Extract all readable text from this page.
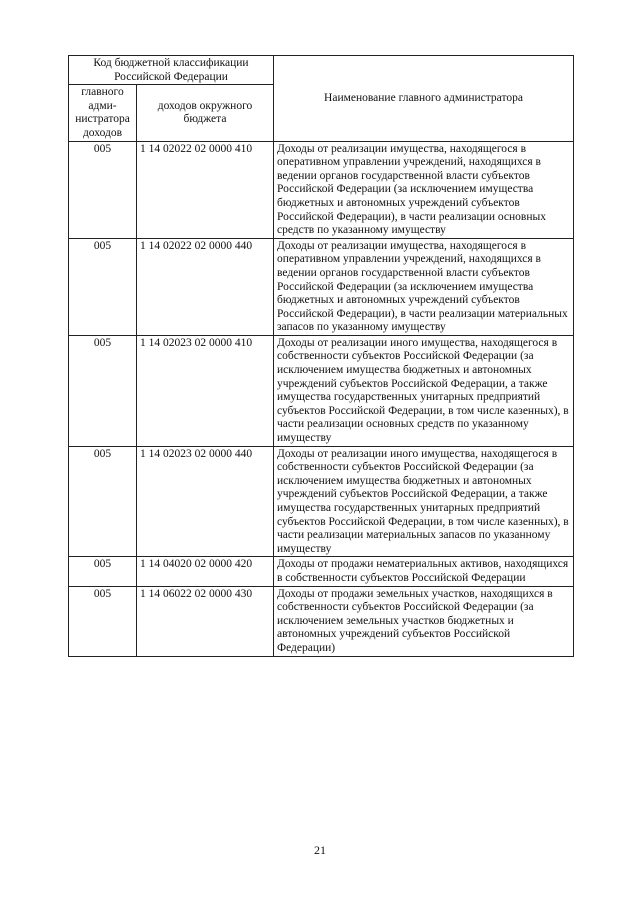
Код бюджетной классификации Российской Федерации		Наименование главного администратора
главного адми-нистратора доходов	доходов окружного бюджета	
005	1 14 02022 02 0000 410	Доходы от реализации имущества, находящегося в оперативном управлении учреждений, находящихся в ведении органов государственной власти субъектов Российской Федерации (за исключением имущества бюджетных и автономных учреждений субъектов Российской Федерации), в части реализации основных средств по указанному имуществу
005	1 14 02022 02 0000 440	Доходы от реализации имущества, находящегося в оперативном управлении учреждений, находящихся в ведении органов государственной власти субъектов Российской Федерации (за исключением имущества бюджетных и автономных учреждений субъектов Российской Федерации), в части реализации материальных запасов по указанному имуществу
005	1 14 02023 02 0000 410	Доходы от реализации иного имущества, находящегося в собственности субъектов Российской Федерации (за исключением имущества бюджетных и автономных учреждений субъектов Российской Федерации, а также имущества государственных унитарных предприятий субъектов Российской Федерации, в том числе казенных), в части реализации основных средств по указанному имуществу
005	1 14 02023 02 0000 440	Доходы от реализации иного имущества, находящегося в собственности субъектов Российской Федерации (за исключением имущества бюджетных и автономных учреждений субъектов Российской Федерации, а также имущества государственных унитарных предприятий субъектов Российской Федерации, в том числе казенных), в части реализации материальных запасов по указанному имуществу
005	1 14 04020 02 0000 420	Доходы от продажи нематериальных активов, находящихся в собственности субъектов Российской Федерации
005	1 14 06022 02 0000 430	Доходы от продажи земельных участков, находящихся в собственности субъектов Российской Федерации (за исключением земельных участков бюджетных и автономных учреждений субъектов Российской Федерации)
21
